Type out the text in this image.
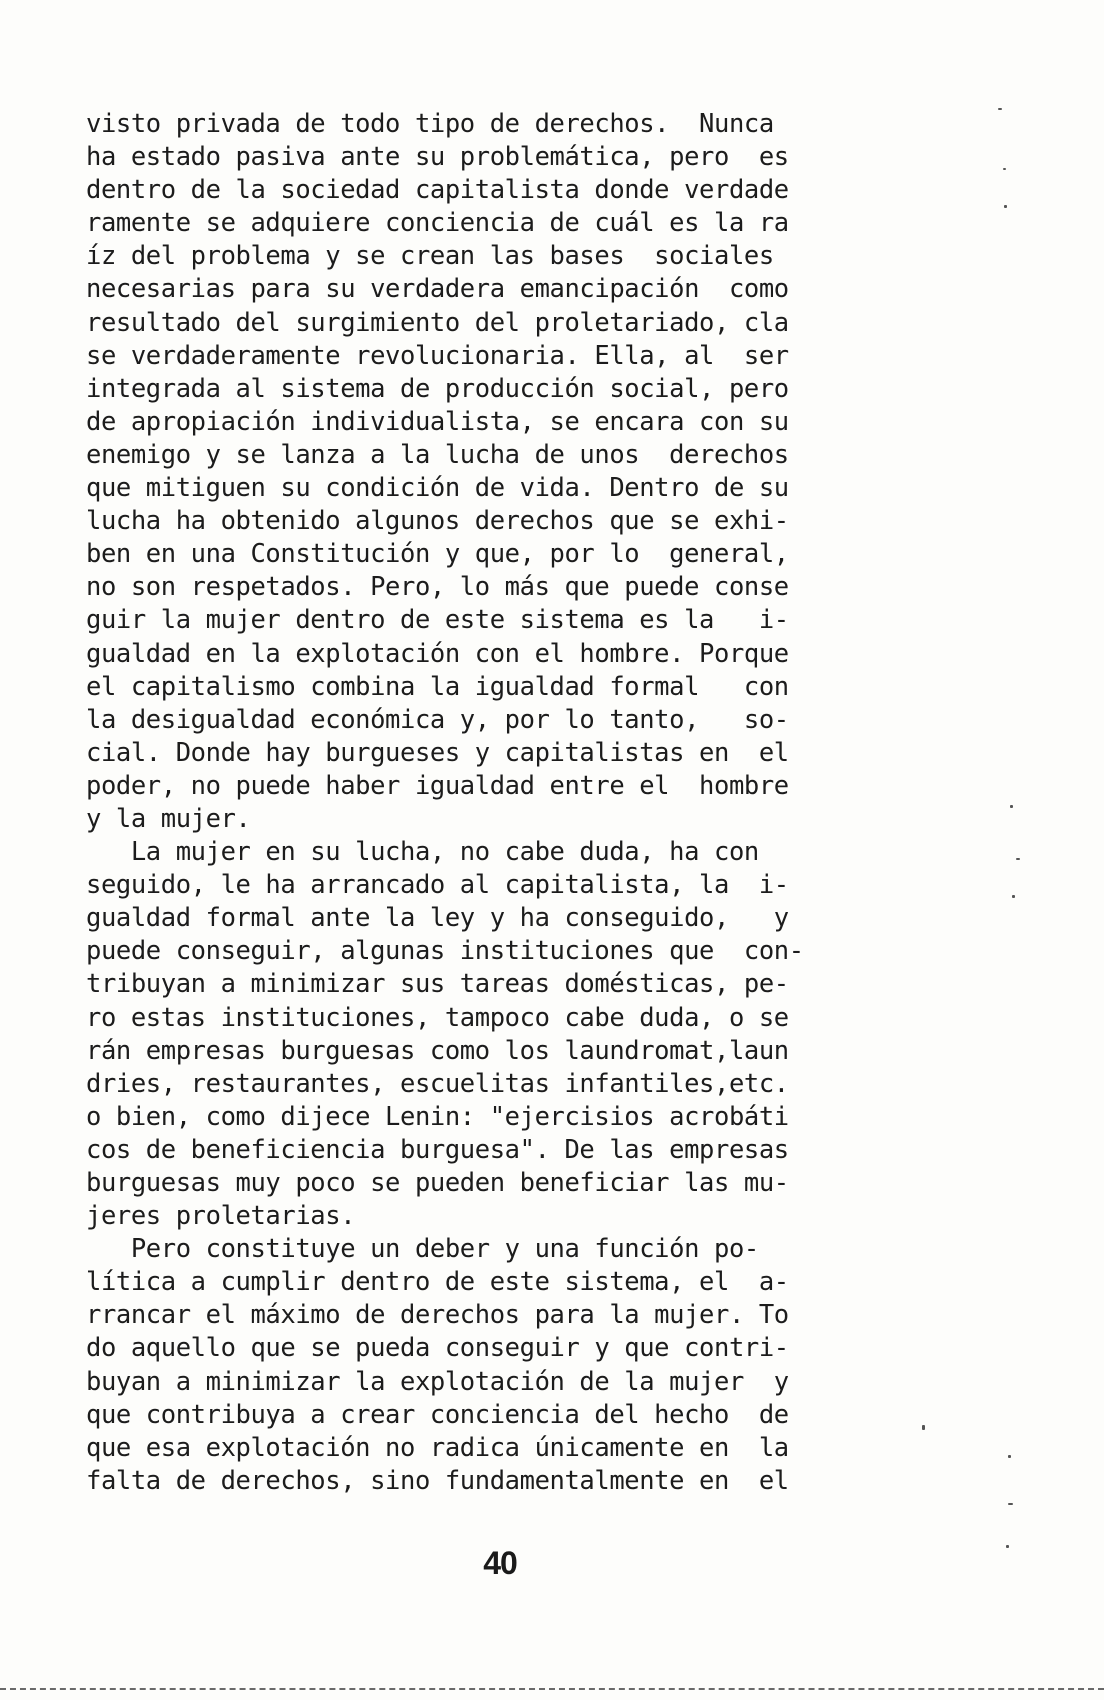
visto privada de todo tipo de derechos.  Nunca
ha estado pasiva ante su problemática, pero  es
dentro de la sociedad capitalista donde verdade
ramente se adquiere conciencia de cuál es la ra
íz del problema y se crean las bases  sociales
necesarias para su verdadera emancipación  como
resultado del surgimiento del proletariado, cla
se verdaderamente revolucionaria. Ella, al  ser
integrada al sistema de producción social, pero
de apropiación individualista, se encara con su
enemigo y se lanza a la lucha de unos  derechos
que mitiguen su condición de vida. Dentro de su
lucha ha obtenido algunos derechos que se exhi-
ben en una Constitución y que, por lo  general,
no son respetados. Pero, lo más que puede conse
guir la mujer dentro de este sistema es la   i-
gualdad en la explotación con el hombre. Porque
el capitalismo combina la igualdad formal   con
la desigualdad económica y, por lo tanto,   so-
cial. Donde hay burgueses y capitalistas en  el
poder, no puede haber igualdad entre el  hombre
y la mujer.
La mujer en su lucha, no cabe duda, ha con
seguido, le ha arrancado al capitalista, la  i-
gualdad formal ante la ley y ha conseguido,   y
puede conseguir, algunas instituciones que  con-
tribuyan a minimizar sus tareas domésticas, pe-
ro estas instituciones, tampoco cabe duda, o se
rán empresas burguesas como los laundromat,laun
dries, restaurantes, escuelitas infantiles,etc.
o bien, como dijece Lenin: "ejercisios acrobáti
cos de beneficiencia burguesa". De las empresas
burguesas muy poco se pueden beneficiar las mu-
jeres proletarias.
Pero constituye un deber y una función po-
lítica a cumplir dentro de este sistema, el  a-
rrancar el máximo de derechos para la mujer. To
do aquello que se pueda conseguir y que contri-
buyan a minimizar la explotación de la mujer  y
que contribuya a crear conciencia del hecho  de
que esa explotación no radica únicamente en  la
falta de derechos, sino fundamentalmente en  el
40
